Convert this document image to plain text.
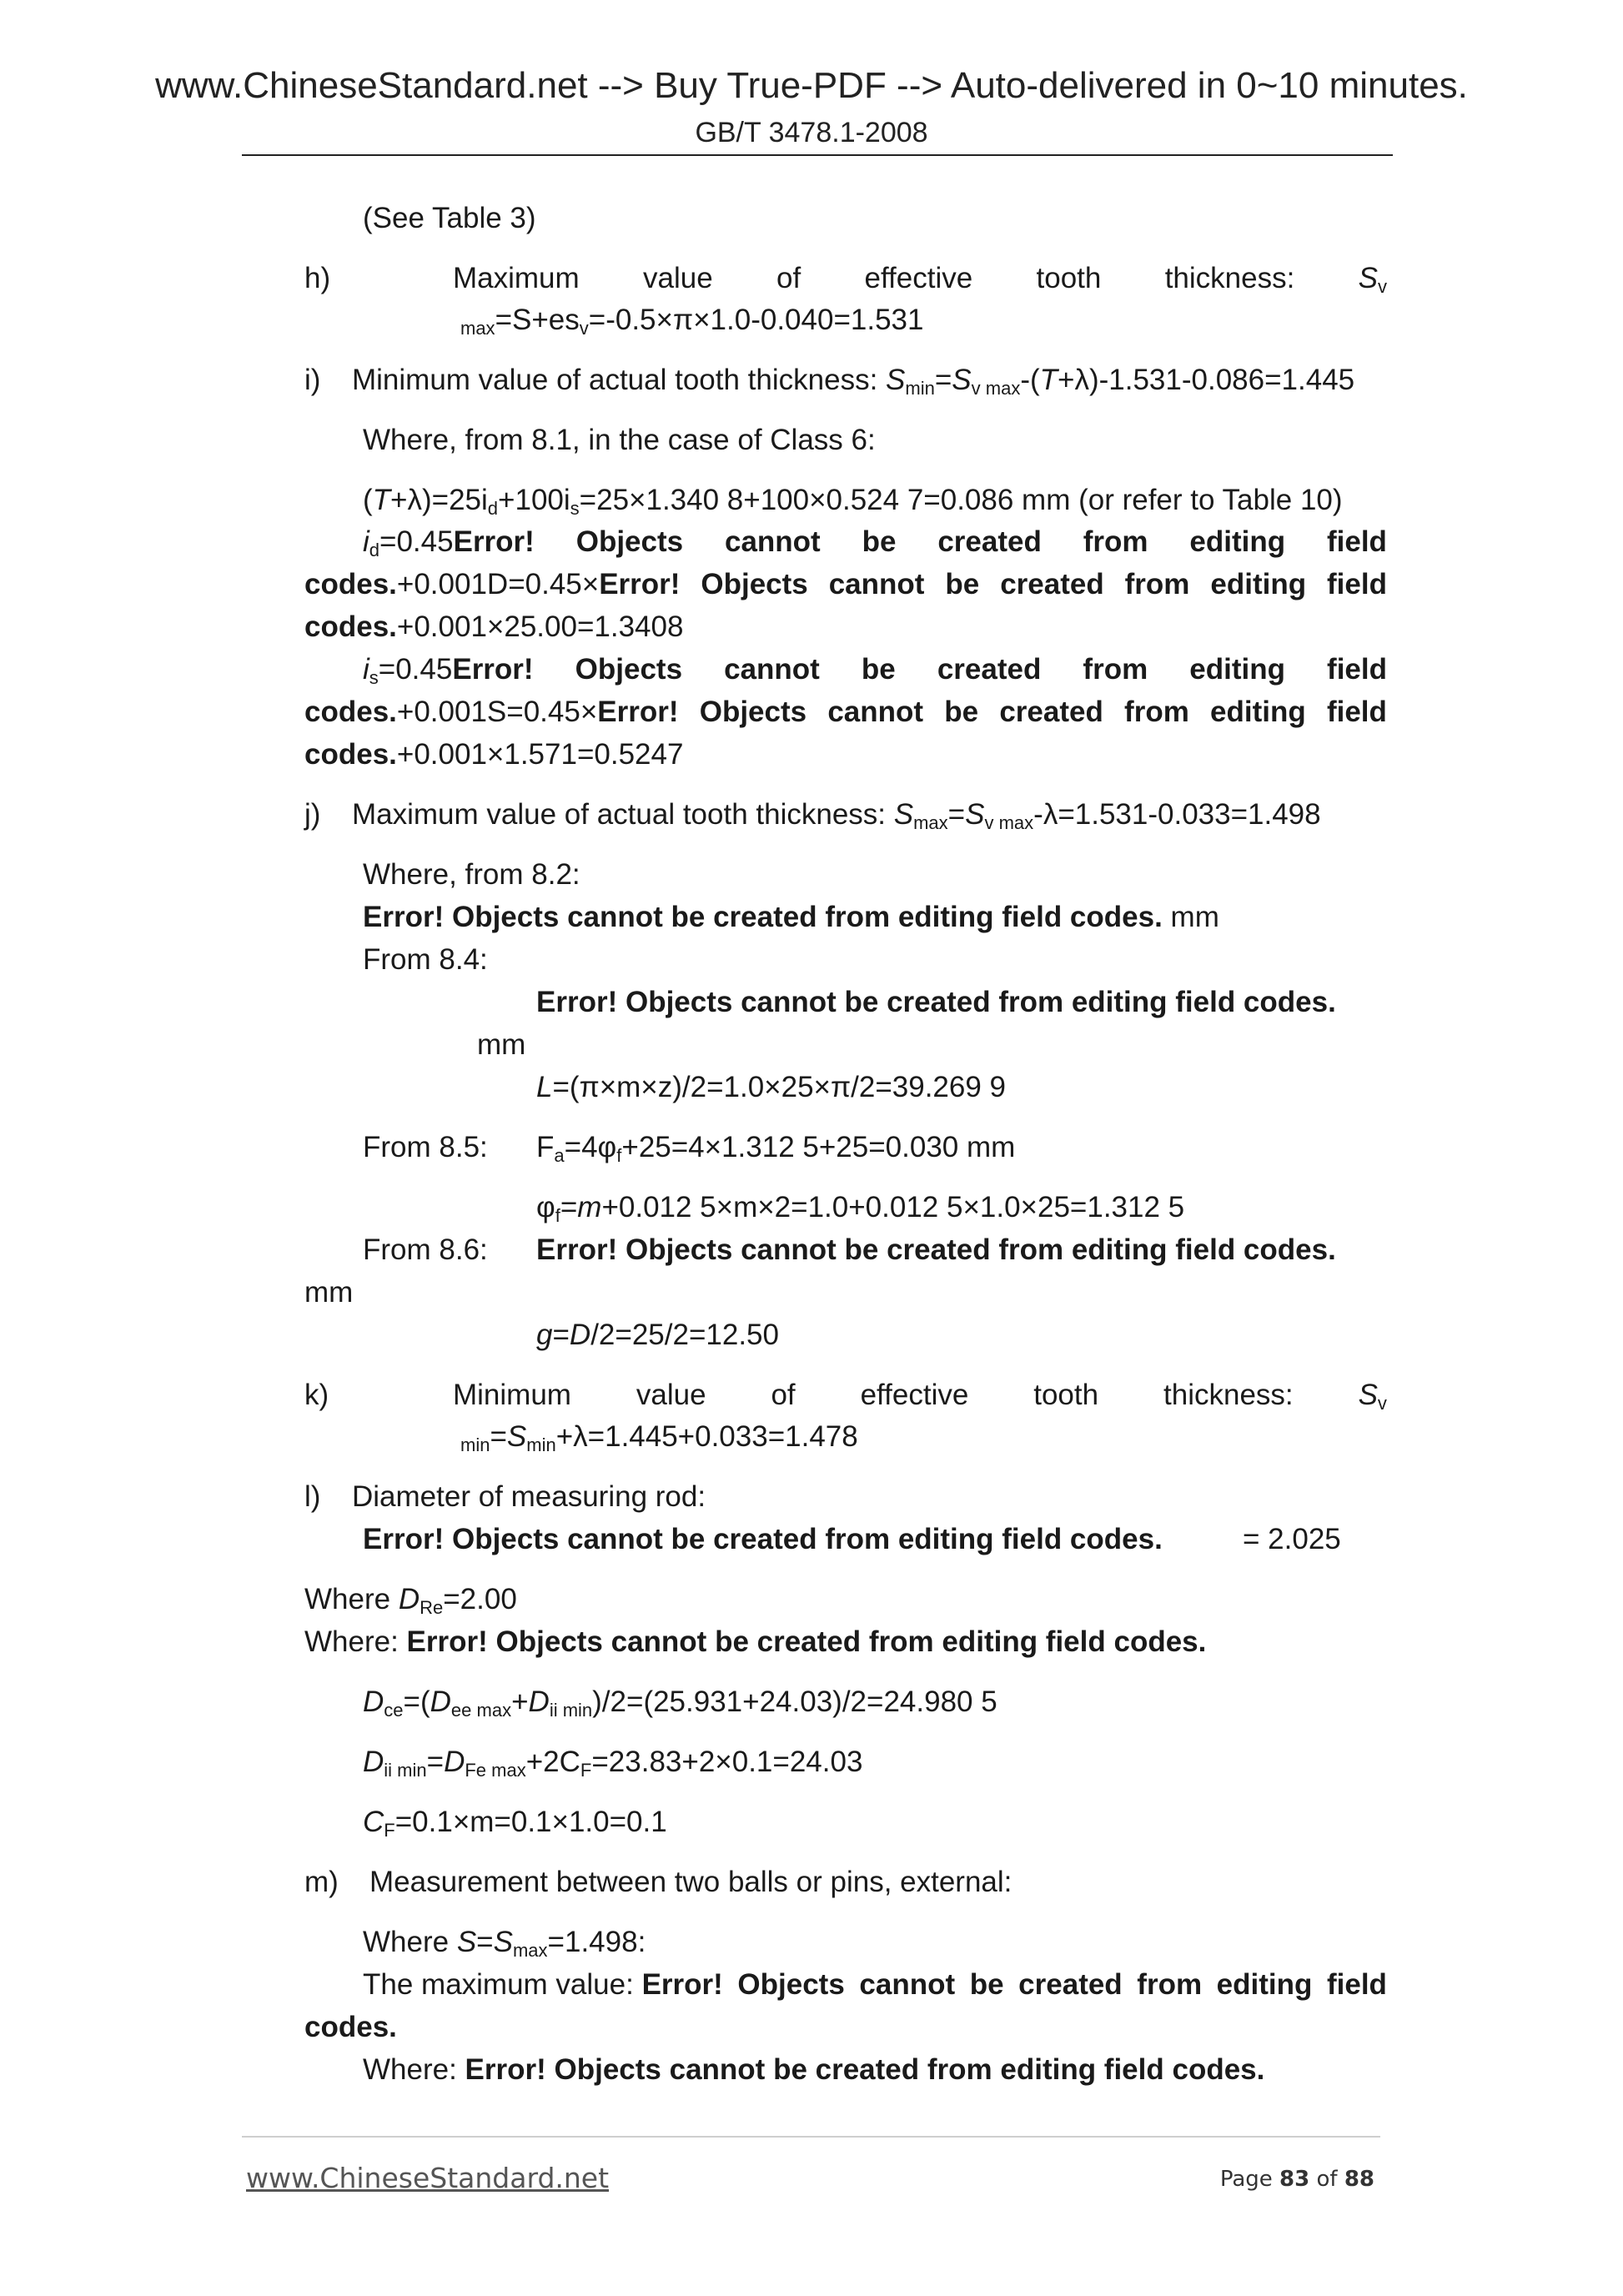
www.ChineseStandard.net --> Buy True-PDF --> Auto-delivered in 0~10 minutes.
GB/T 3478.1-2008
(See Table 3)
h)	Maximum value of effective tooth thickness: $S_v$
$_{max}=S+es_v=-0.5\times\pi\times 1.0-0.040=1.531$
i) Minimum value of actual tooth thickness: $S_{min}=S_{v max}-(T+\lambda)-1.531-0.086=1.445$
Where, from 8.1, in the case of Class 6:
$(T+\lambda)=25i_d+100i_s=25\times 1.340$ 8+100×0.524 7=0.086 mm (or refer to Table 10)
$i_d=0.45Error$! Objects cannot be created from editing field
codes.+0.001D=0.45×Error! Objects cannot be created from editing field
codes.+0.001×25.00=1.3408
$i_s=0.45Error$! Objects cannot be created from editing field
codes.+0.001S=0.45×Error! Objects cannot be created from editing field
codes.+0.001×1.571=0.5247
j) Maximum value of actual tooth thickness: $S_{max}=S_{v max}-\lambda=1.531-0.033=1.498$
Where, from 8.2:
Error! Objects cannot be created from editing field codes. mm
From 8.4:
Error! Objects cannot be created from editing field codes.
mm
L=(π×m×z)/2=1.0×25×π/2=39.269 9
From 8.5: $F_a=4\varphi_f+25=4\times 1.312$ 5+25=0.030 mm
$\varphi_f=m+0.012$ 5×m×2=1.0+0.012 5×1.0×25=1.312 5
From 8.6: Error! Objects cannot be created from editing field codes.
mm
g=D/2=25/2=12.50
k)	Minimum value of effective tooth thickness: $S_v$
$_{min}=S_{min}+\lambda=1.445+0.033=1.478$
l) Diameter of measuring rod:
Error! Objects cannot be created from editing field codes.	= 2.025
Where $D_{Re}=2.00$
Where: Error! Objects cannot be created from editing field codes.
$D_{ce}=(D_{ee max}+D_{ii min})/2=(25.931+24.03)/2=24.980$ 5
$D_{ii min}=D_{Fe max}+2C_F=23.83+2\times 0.1=24.03$
$C_F=0.1\times m=0.1\times 1.0=0.1$
m) Measurement between two balls or pins, external:
Where $S=S_{max}=1.498$:
The maximum value: Error! Objects cannot be created from editing field
codes.
Where: Error! Objects cannot be created from editing field codes.
www.ChineseStandard.net	Page 83 of 88
